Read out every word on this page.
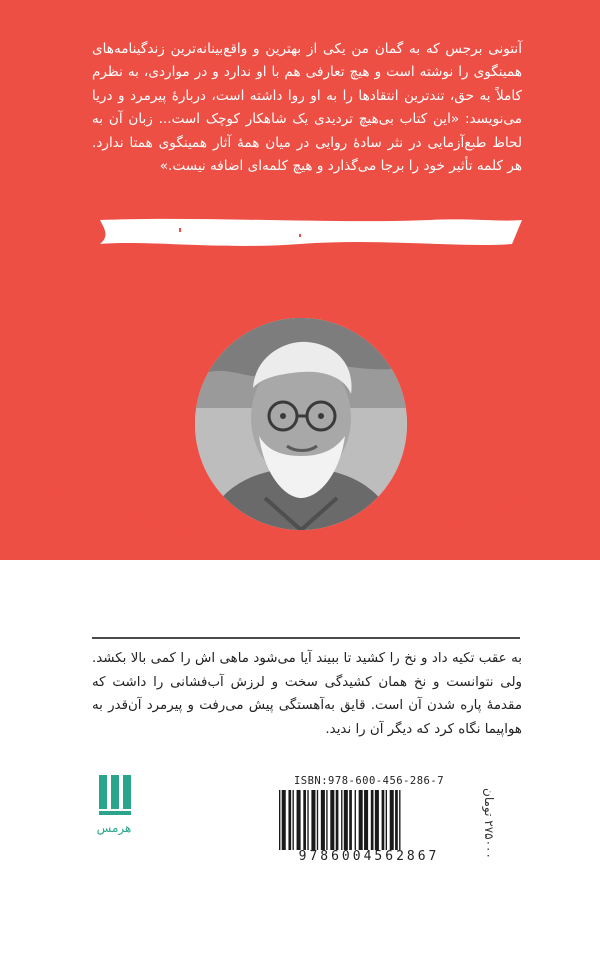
آنتونی برجس که به گمان من یکی از بهترین و واقع‌بینانه‌ترین زندگینامه‌های همینگوی را نوشته است و هیچ تعارفی هم با او ندارد و در مواردی، به نظرم کاملاً به حق، تندترین انتقادها را به او روا داشته است، دربارهٔ پیرمرد و دریا می‌نویسد: «این کتاب بی‌هیچ تردیدی یک شاهکار کوچک است... زبان آن به لحاظ طبع‌آزمایی در نثر سادهٔ روایی در میان همهٔ آثار همینگوی همتا ندارد. هر کلمه تأثیر خود را برجا می‌گذارد و هیچ کلمه‌ای اضافه نیست.»

به عقب تکیه داد و نخ را کشید تا ببیند آیا می‌شود ماهی اش را کمی بالا بکشد. ولی نتوانست و نخ همان کشیدگی سخت و لرزش آب‌فشانی را داشت که مقدمهٔ پاره شدن آن است. قایق به‌آهستگی پیش می‌رفت و پیرمرد آن‌قدر به هواپیما نگاه کرد که دیگر آن را ندید.

هرمس
ISBN:978-600-456-286-7
9786004562867
۲۷۵۰۰۰ تومان
